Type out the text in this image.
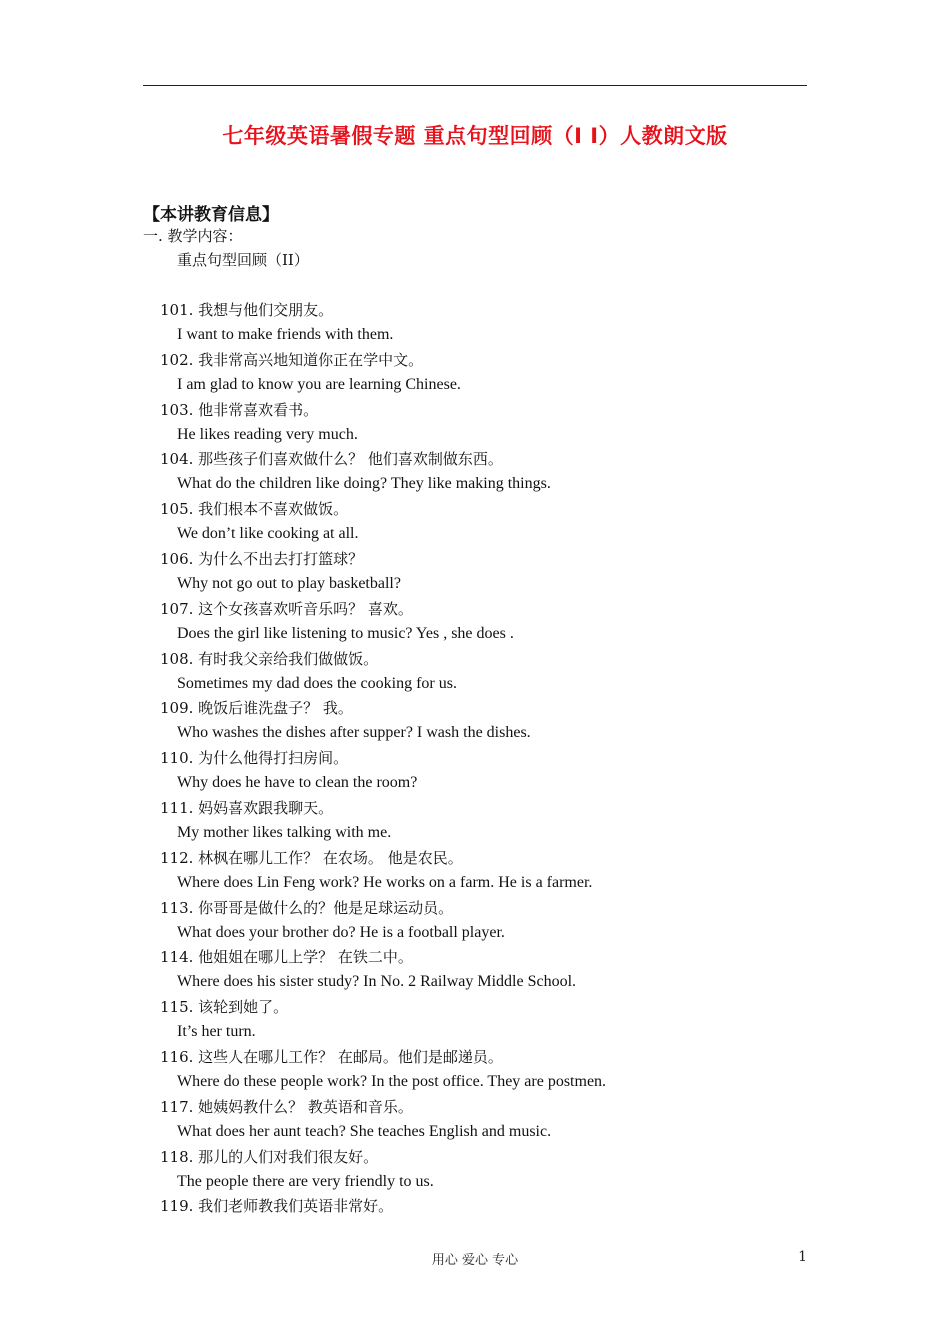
七年级英语暑假专题 重点句型回顾（I I）人教朗文版
【本讲教育信息】
一. 教学内容：
重点句型回顾（II）
101. 我想与他们交朋友。
I want to make friends with them.
102. 我非常高兴地知道你正在学中文。
I am glad to know you are learning Chinese.
103. 他非常喜欢看书。
He likes reading very much.
104. 那些孩子们喜欢做什么？ 他们喜欢制做东西。
What do the children like doing? They like making things.
105. 我们根本不喜欢做饭。
We don’t like cooking at all.
106. 为什么不出去打打篮球？
Why not go out to play basketball?
107. 这个女孩喜欢听音乐吗？ 喜欢。
Does the girl like listening to music? Yes , she does .
108. 有时我父亲给我们做做饭。
Sometimes my dad does the cooking for us.
109. 晚饭后谁洗盘子？ 我。
Who washes the dishes after supper? I wash the dishes.
110. 为什么他得打扫房间。
Why does he have to clean the room?
111. 妈妈喜欢跟我聊天。
My mother likes talking with me.
112. 林枫在哪儿工作？ 在农场。 他是农民。
Where does Lin Feng work? He works on a farm. He is a farmer.
113. 你哥哥是做什么的？他是足球运动员。
What does your brother do? He is a football player.
114. 他姐姐在哪儿上学？ 在铁二中。
Where does his sister study? In No. 2 Railway Middle School.
115. 该轮到她了。
It’s her turn.
116. 这些人在哪儿工作？ 在邮局。他们是邮递员。
Where do these people work? In the post office. They are postmen.
117. 她姨妈教什么？ 教英语和音乐。
What does her aunt teach? She teaches English and music.
118. 那儿的人们对我们很友好。
The people there are very friendly to us.
119. 我们老师教我们英语非常好。
用心 爱心 专心	1
